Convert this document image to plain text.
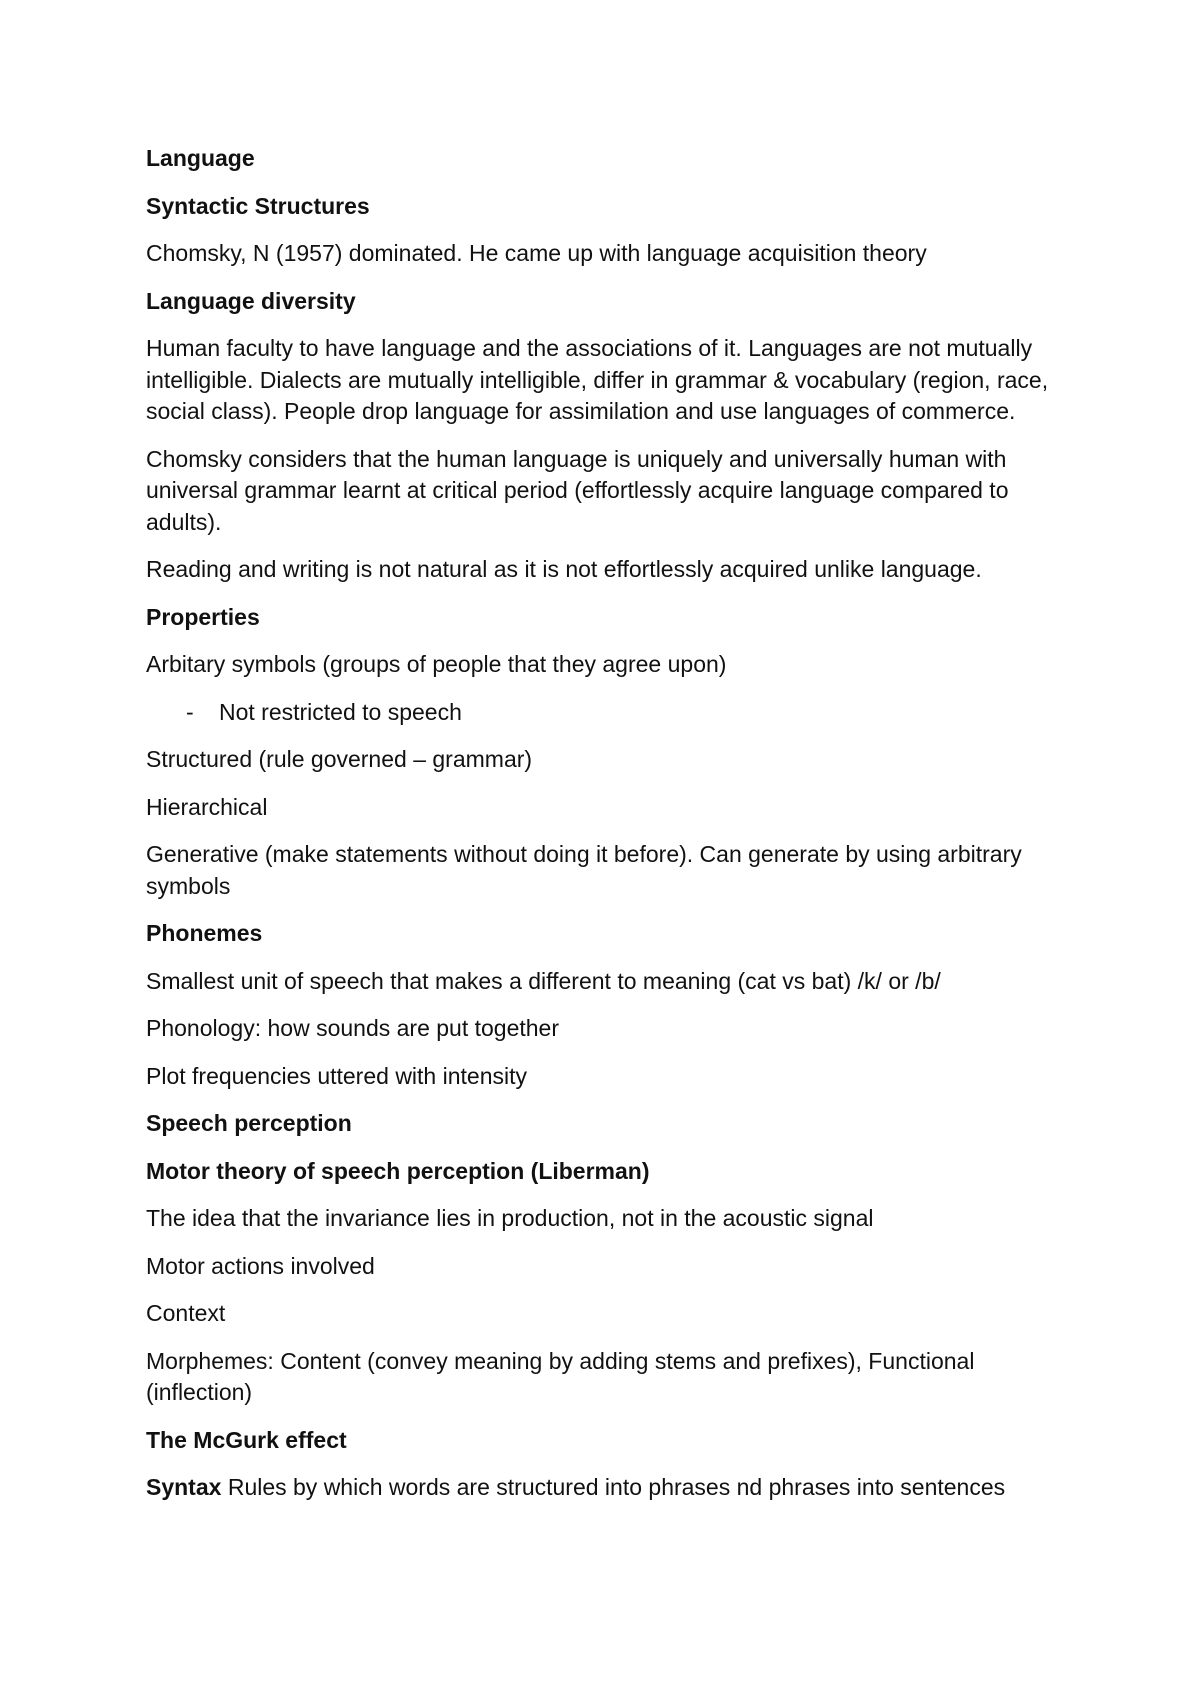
Language

Syntactic Structures

Chomsky, N (1957) dominated. He came up with language acquisition theory

Language diversity

Human faculty to have language and the associations of it. Languages are not mutually intelligible. Dialects are mutually intelligible, differ in grammar & vocabulary (region, race, social class). People drop language for assimilation and use languages of commerce.

Chomsky considers that the human language is uniquely and universally human with universal grammar learnt at critical period (effortlessly acquire language compared to adults).

Reading and writing is not natural as it is not effortlessly acquired unlike language.

Properties

Arbitary symbols (groups of people that they agree upon)

- Not restricted to speech

Structured (rule governed – grammar)

Hierarchical

Generative (make statements without doing it before). Can generate by using arbitrary symbols

Phonemes

Smallest unit of speech that makes a different to meaning (cat vs bat) /k/ or /b/

Phonology: how sounds are put together

Plot frequencies uttered with intensity

Speech perception

Motor theory of speech perception (Liberman)

The idea that the invariance lies in production, not in the acoustic signal

Motor actions involved

Context

Morphemes: Content (convey meaning by adding stems and prefixes), Functional (inflection)

The McGurk effect

Syntax Rules by which words are structured into phrases nd phrases into sentences
